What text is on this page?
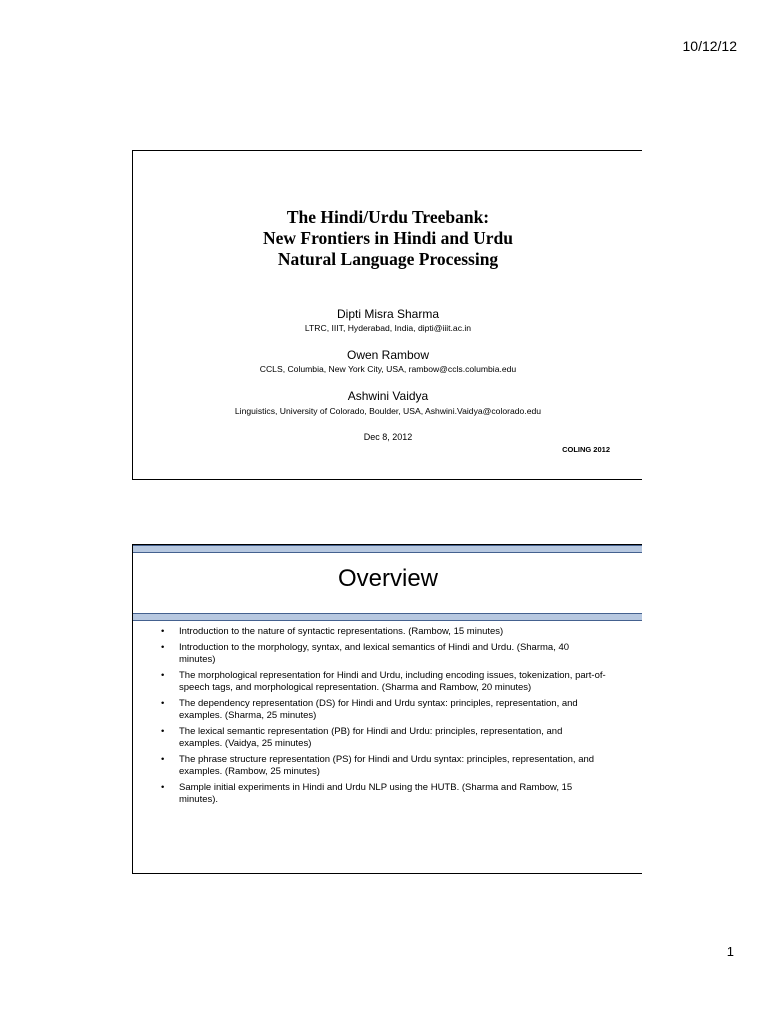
10/12/12
The Hindi/Urdu Treebank:
New Frontiers in Hindi and Urdu
Natural Language Processing
Dipti Misra Sharma
LTRC, IIIT, Hyderabad, India, dipti@iiit.ac.in
Owen Rambow
CCLS, Columbia, New York City, USA, rambow@ccls.columbia.edu
Ashwini Vaidya
Linguistics, University of Colorado, Boulder, USA, Ashwini.Vaidya@colorado.edu
Dec 8, 2012
COLING 2012
Overview
• Introduction to the nature of syntactic representations. (Rambow, 15 minutes)
• Introduction to the morphology, syntax, and lexical semantics of Hindi and Urdu. (Sharma, 40 minutes)
• The morphological representation for Hindi and Urdu, including encoding issues, tokenization, part-of-speech tags, and morphological representation. (Sharma and Rambow, 20 minutes)
• The dependency representation (DS) for Hindi and Urdu syntax: principles, representation, and examples. (Sharma, 25 minutes)
• The lexical semantic representation (PB) for Hindi and Urdu: principles, representation, and examples. (Vaidya, 25 minutes)
• The phrase structure representation (PS) for Hindi and Urdu syntax: principles, representation, and examples. (Rambow, 25 minutes)
• Sample initial experiments in Hindi and Urdu NLP using the HUTB. (Sharma and Rambow, 15 minutes).
1
